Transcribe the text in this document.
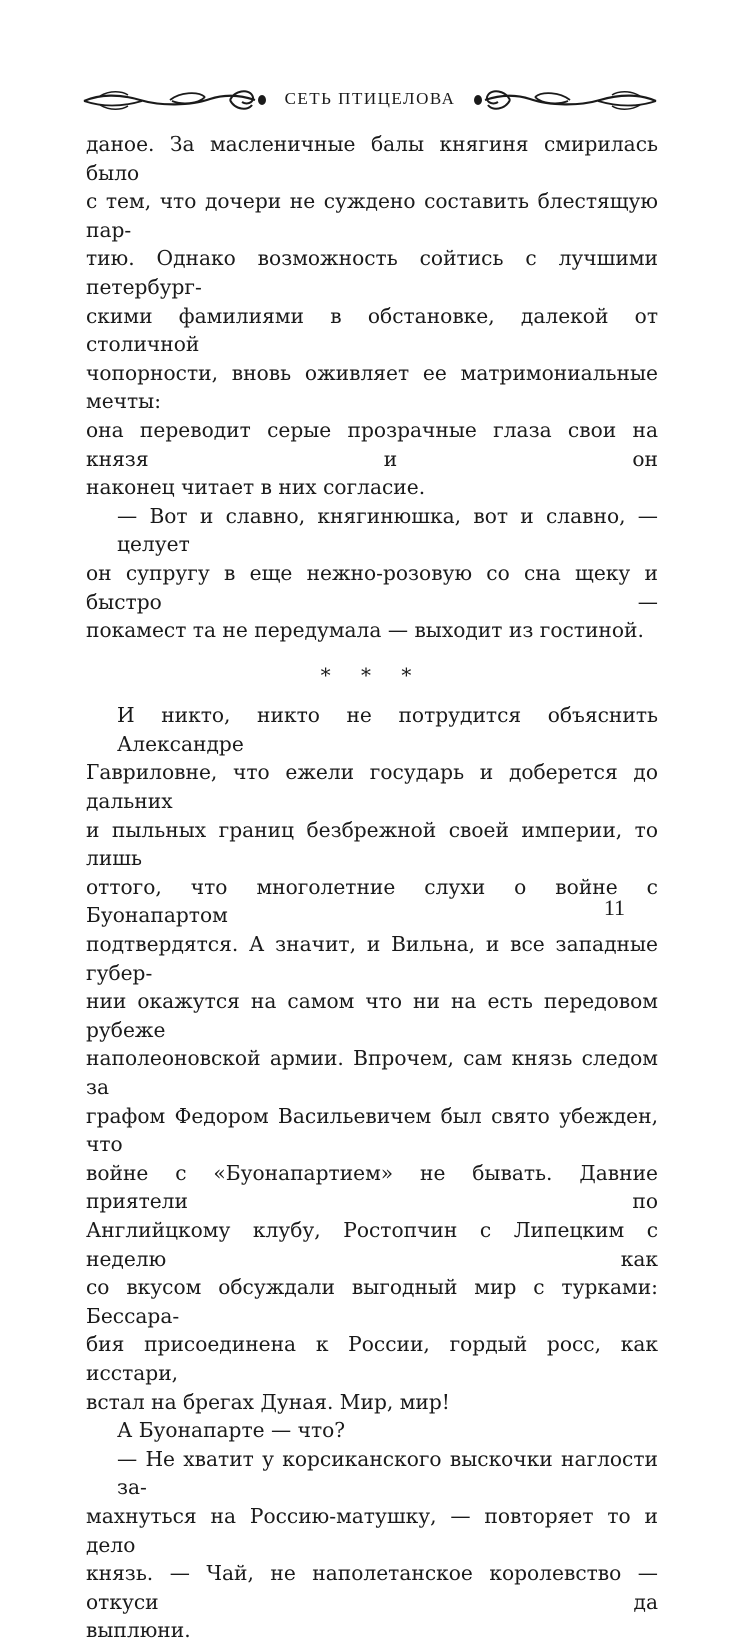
СЕТЬ ПТИЦЕЛОВА

даное. За масленичные балы княгиня смирилась было
с тем, что дочери не суждено составить блестящую пар-
тию. Однако возможность сойтись с лучшими петербург-
скими фамилиями в обстановке, далекой от столичной
чопорности, вновь оживляет ее матримониальные мечты:
она переводит серые прозрачные глаза свои на князя и он
наконец читает в них согласие.

— Вот и славно, княгинюшка, вот и славно, — целует
он супругу в еще нежно-розовую со сна щеку и быстро —
покамест та не передумала — выходит из гостиной.

* * *

И никто, никто не потрудится объяснить Александре
Гавриловне, что ежели государь и доберется до дальних
и пыльных границ безбрежной своей империи, то лишь
оттого, что многолетние слухи о войне с Буонапартом
подтвердятся. А значит, и Вильна, и все западные губер-
нии окажутся на самом что ни на есть передовом рубеже
наполеоновской армии. Впрочем, сам князь следом за
графом Федором Васильевичем был свято убежден, что
войне с «Буонапартием» не бывать. Давние приятели по
Английцкому клубу, Ростопчин с Липецким с неделю как
со вкусом обсуждали выгодный мир с турками: Бессара-
бия присоединена к России, гордый росс, как исстари,
встал на брегах Дуная. Мир, мир!

А Буонапарте — что?

— Не хватит у корсиканского выскочки наглости за-
махнуться на Россию-матушку, — повторяет то и дело
князь. — Чай, не наполетанское королевство — откуси да
выплюни.

11
